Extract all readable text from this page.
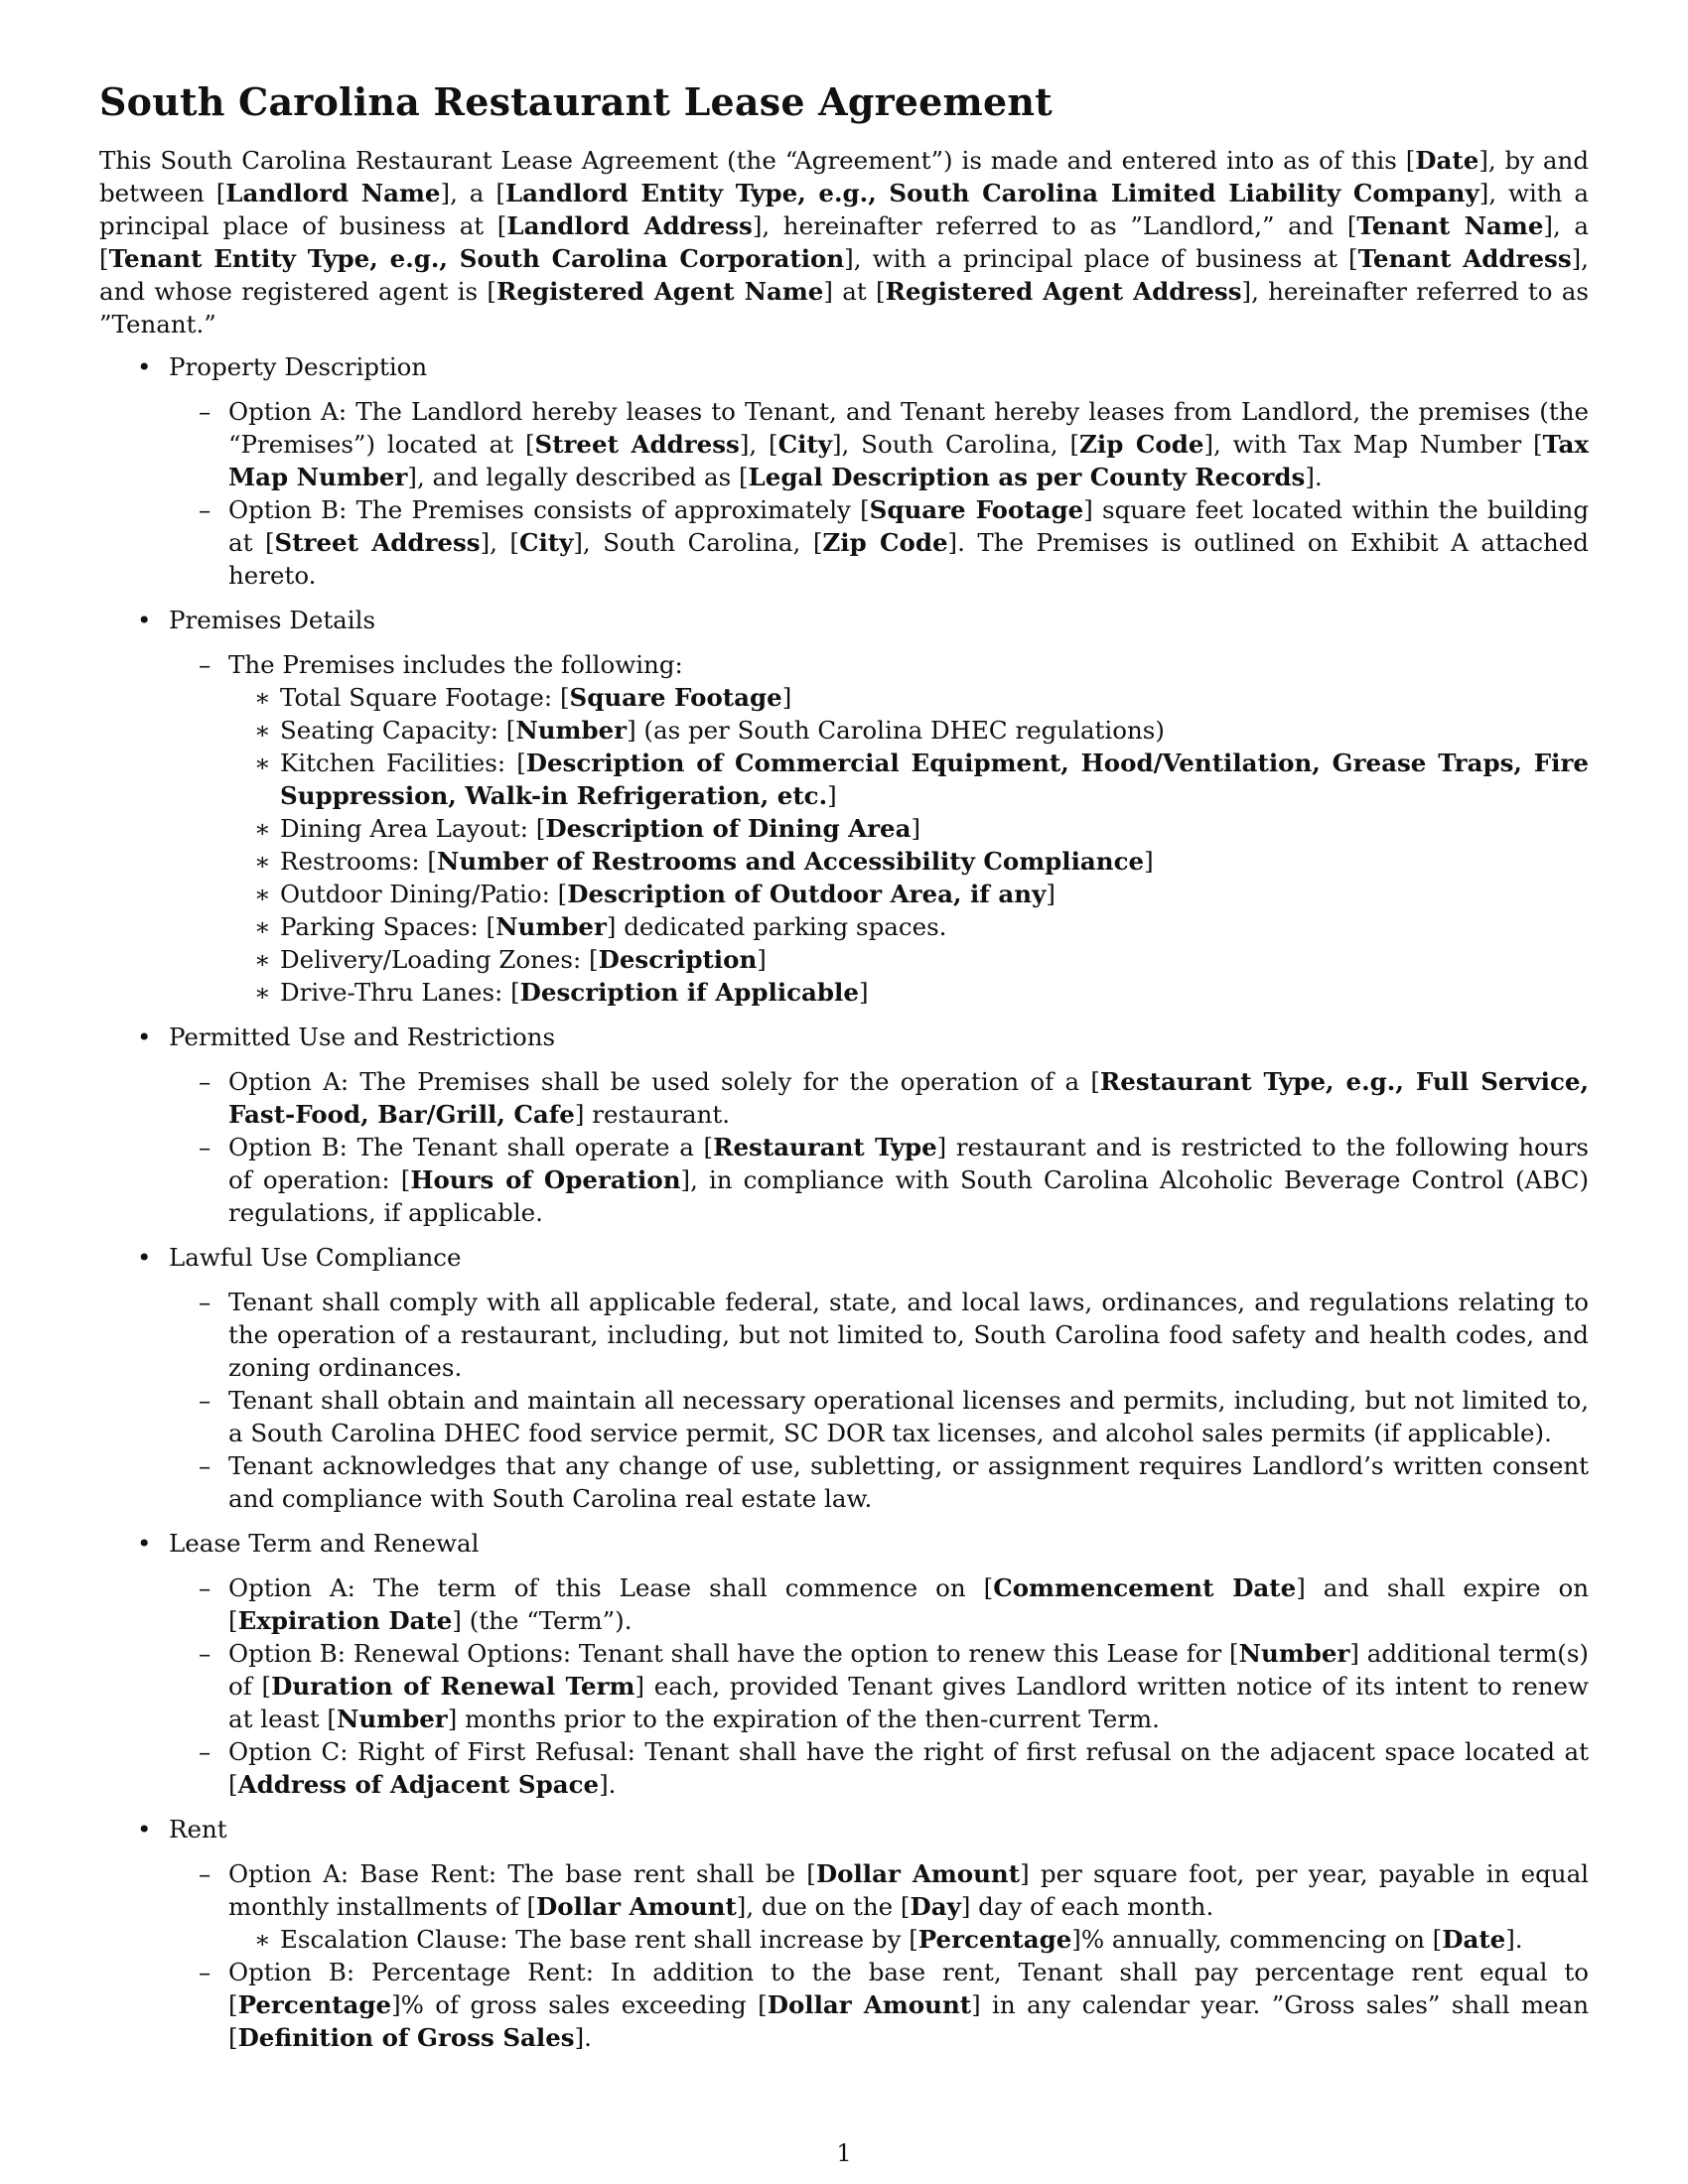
South Carolina Restaurant Lease Agreement

This South Carolina Restaurant Lease Agreement (the “Agreement”) is made and entered into as of this [Date], by and between [Landlord Name], a [Landlord Entity Type, e.g., South Carolina Limited Liability Company], with a principal place of business at [Landlord Address], hereinafter referred to as ”Landlord,” and [Tenant Name], a [Tenant Entity Type, e.g., South Carolina Corporation], with a principal place of business at [Tenant Address], and whose registered agent is [Registered Agent Name] at [Registered Agent Address], hereinafter referred to as ”Tenant.”

• Property Description
– Option A: The Landlord hereby leases to Tenant, and Tenant hereby leases from Landlord, the premises (the “Premises”) located at [Street Address], [City], South Carolina, [Zip Code], with Tax Map Number [Tax Map Number], and legally described as [Legal Description as per County Records].
– Option B: The Premises consists of approximately [Square Footage] square feet located within the building at [Street Address], [City], South Carolina, [Zip Code]. The Premises is outlined on Exhibit A attached hereto.
• Premises Details
– The Premises includes the following:
∗ Total Square Footage: [Square Footage]
∗ Seating Capacity: [Number] (as per South Carolina DHEC regulations)
∗ Kitchen Facilities: [Description of Commercial Equipment, Hood/Ventilation, Grease Traps, Fire Suppression, Walk-in Refrigeration, etc.]
∗ Dining Area Layout: [Description of Dining Area]
∗ Restrooms: [Number of Restrooms and Accessibility Compliance]
∗ Outdoor Dining/Patio: [Description of Outdoor Area, if any]
∗ Parking Spaces: [Number] dedicated parking spaces.
∗ Delivery/Loading Zones: [Description]
∗ Drive-Thru Lanes: [Description if Applicable]
• Permitted Use and Restrictions
– Option A: The Premises shall be used solely for the operation of a [Restaurant Type, e.g., Full Service, Fast-Food, Bar/Grill, Cafe] restaurant.
– Option B: The Tenant shall operate a [Restaurant Type] restaurant and is restricted to the following hours of operation: [Hours of Operation], in compliance with South Carolina Alcoholic Beverage Control (ABC) regulations, if applicable.
• Lawful Use Compliance
– Tenant shall comply with all applicable federal, state, and local laws, ordinances, and regulations relating to the operation of a restaurant, including, but not limited to, South Carolina food safety and health codes, and zoning ordinances.
– Tenant shall obtain and maintain all necessary operational licenses and permits, including, but not limited to, a South Carolina DHEC food service permit, SC DOR tax licenses, and alcohol sales permits (if applicable).
– Tenant acknowledges that any change of use, subletting, or assignment requires Landlord’s written consent and compliance with South Carolina real estate law.
• Lease Term and Renewal
– Option A: The term of this Lease shall commence on [Commencement Date] and shall expire on [Expiration Date] (the “Term”).
– Option B: Renewal Options: Tenant shall have the option to renew this Lease for [Number] additional term(s) of [Duration of Renewal Term] each, provided Tenant gives Landlord written notice of its intent to renew at least [Number] months prior to the expiration of the then-current Term.
– Option C: Right of First Refusal: Tenant shall have the right of first refusal on the adjacent space located at [Address of Adjacent Space].
• Rent
– Option A: Base Rent: The base rent shall be [Dollar Amount] per square foot, per year, payable in equal monthly installments of [Dollar Amount], due on the [Day] day of each month.
∗ Escalation Clause: The base rent shall increase by [Percentage]% annually, commencing on [Date].
– Option B: Percentage Rent: In addition to the base rent, Tenant shall pay percentage rent equal to [Percentage]% of gross sales exceeding [Dollar Amount] in any calendar year. ”Gross sales” shall mean [Definition of Gross Sales].
1
